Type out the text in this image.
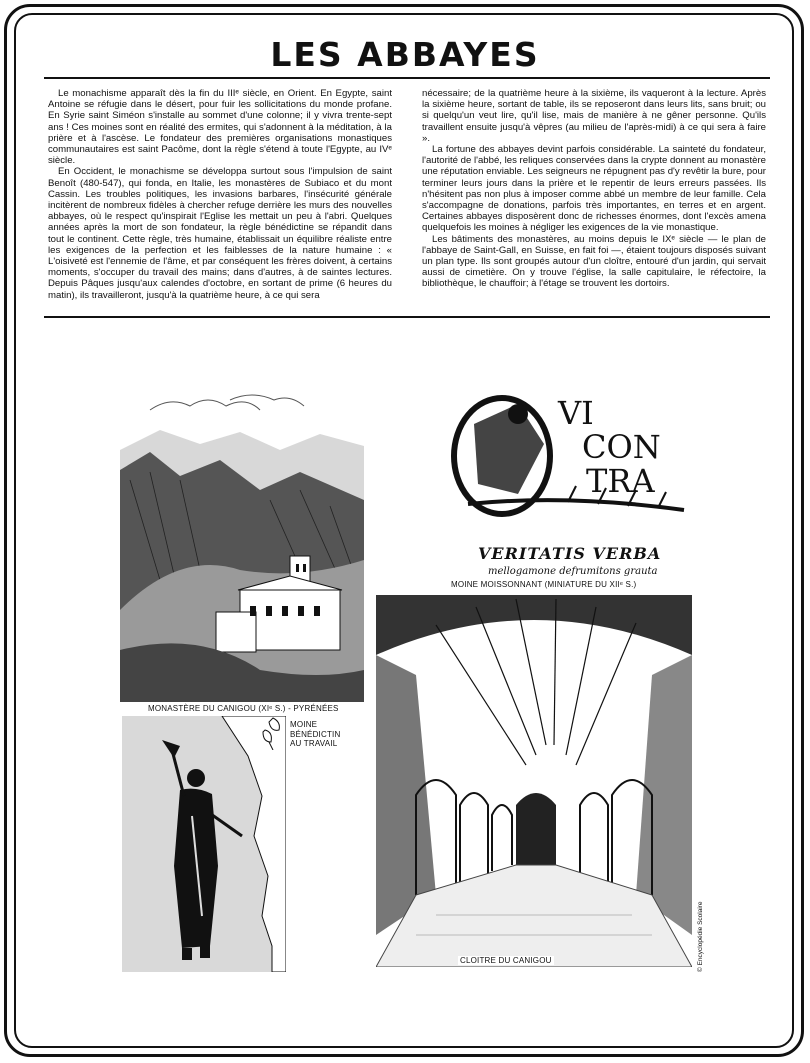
LES ABBAYES

Le monachisme apparaît dès la fin du IIIᵉ siècle, en Orient. En Egypte, saint Antoine se réfugie dans le désert, pour fuir les sollicitations du monde profane. En Syrie saint Siméon s'installe au sommet d'une colonne; il y vivra trente-sept ans ! Ces moines sont en réalité des ermites, qui s'adonnent à la méditation, à la prière et à l'ascèse. Le fondateur des premières organisations monastiques communautaires est saint Pacôme, dont la règle s'étend à toute l'Egypte, au IVᵉ siècle.

En Occident, le monachisme se développa surtout sous l'impulsion de saint Benoît (480-547), qui fonda, en Italie, les monastères de Subiaco et du mont Cassin. Les troubles politiques, les invasions barbares, l'insécurité générale incitèrent de nombreux fidèles à chercher refuge derrière les murs des nouvelles abbayes, où le respect qu'inspirait l'Eglise les mettait un peu à l'abri. Quelques années après la mort de son fondateur, la règle bénédictine se répandit dans tout le continent. Cette règle, très humaine, établissait un équilibre réaliste entre les exigences de la perfection et les faiblesses de la nature humaine : « L'oisiveté est l'ennemie de l'âme, et par conséquent les frères doivent, à certains moments, s'occuper du travail des mains; dans d'autres, à de saintes lectures. Depuis Pâques jusqu'aux calendes d'octobre, en sortant de prime (6 heures du matin), ils travailleront, jusqu'à la quatrième heure, à ce qui sera

nécessaire; de la quatrième heure à la sixième, ils vaqueront à la lecture. Après la sixième heure, sortant de table, ils se reposeront dans leurs lits, sans bruit; ou si quelqu'un veut lire, qu'il lise, mais de manière à ne gêner personne. Qu'ils travaillent ensuite jusqu'à vêpres (au milieu de l'après-midi) à ce qui sera à faire ».

La fortune des abbayes devint parfois considérable. La sainteté du fondateur, l'autorité de l'abbé, les reliques conservées dans la crypte donnent au monastère une réputation enviable. Les seigneurs ne répugnent pas d'y revêtir la bure, pour terminer leurs jours dans la prière et le repentir de leurs erreurs passées. Ils n'hésitent pas non plus à imposer comme abbé un membre de leur famille. Cela s'accompagne de donations, parfois très importantes, en terres et en argent. Certaines abbayes disposèrent donc de richesses énormes, dont l'excès amena quelquefois les moines à négliger les exigences de la vie monastique.

Les bâtiments des monastères, au moins depuis le IXᵉ siècle — le plan de l'abbaye de Saint-Gall, en Suisse, en fait foi —, étaient toujours disposés suivant un plan type. Ils sont groupés autour d'un cloître, entouré d'un jardin, qui servait aussi de cimetière. On y trouve l'église, la salle capitulaire, le réfectoire, la bibliothèque, le chauffoir; à l'étage se trouvent les dortoirs.

MONASTÈRE DU CANIGOU (XIᵉ S.) - PYRÉNÉES
MOINE
BÉNÉDICTIN
AU TRAVAIL
VI
CON
TRA
VERITATIS VERBA
mellogamone defrumitons grauta
MOINE MOISSONNANT (MINIATURE DU XIIᵉ S.)
CLOITRE DU CANIGOU	© Encyclopédie Scolaire
